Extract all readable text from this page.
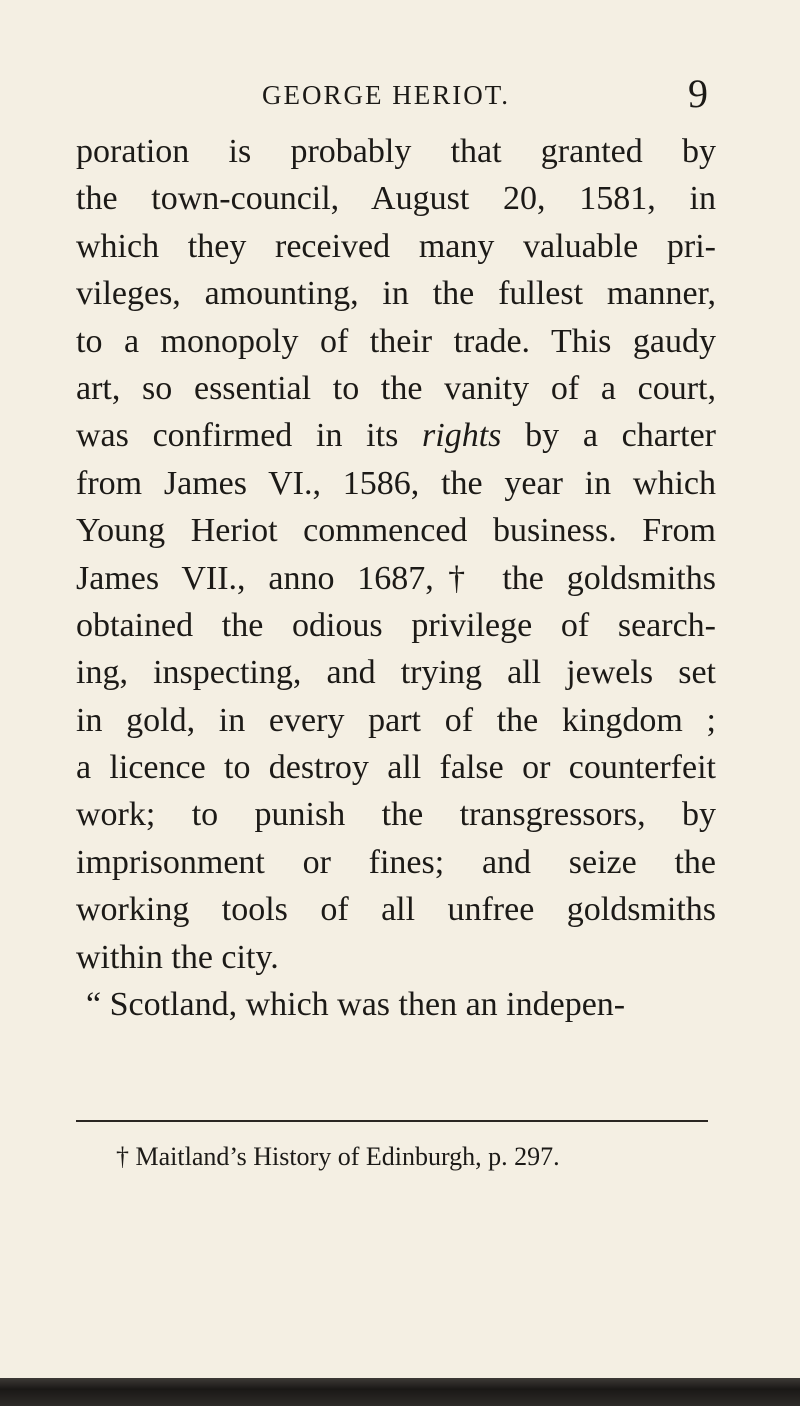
GEORGE HERIOT.	9
poration is probably that granted by
the town-council, August 20, 1581, in
which they received many valuable pri-
vileges, amounting, in the fullest manner,
to a monopoly of their trade. This gaudy
art, so essential to the vanity of a court,
was confirmed in its rights by a charter
from James VI., 1586, the year in which
Young Heriot commenced business. From
James VII., anno 1687,† the goldsmiths
obtained the odious privilege of search-
ing, inspecting, and trying all jewels set
in gold, in every part of the kingdom ;
a licence to destroy all false or counterfeit
work; to punish the transgressors, by
imprisonment or fines; and seize the
working tools of all unfree goldsmiths
within the city.
“ Scotland, which was then an indepen-
† Maitland’s History of Edinburgh, p. 297.
